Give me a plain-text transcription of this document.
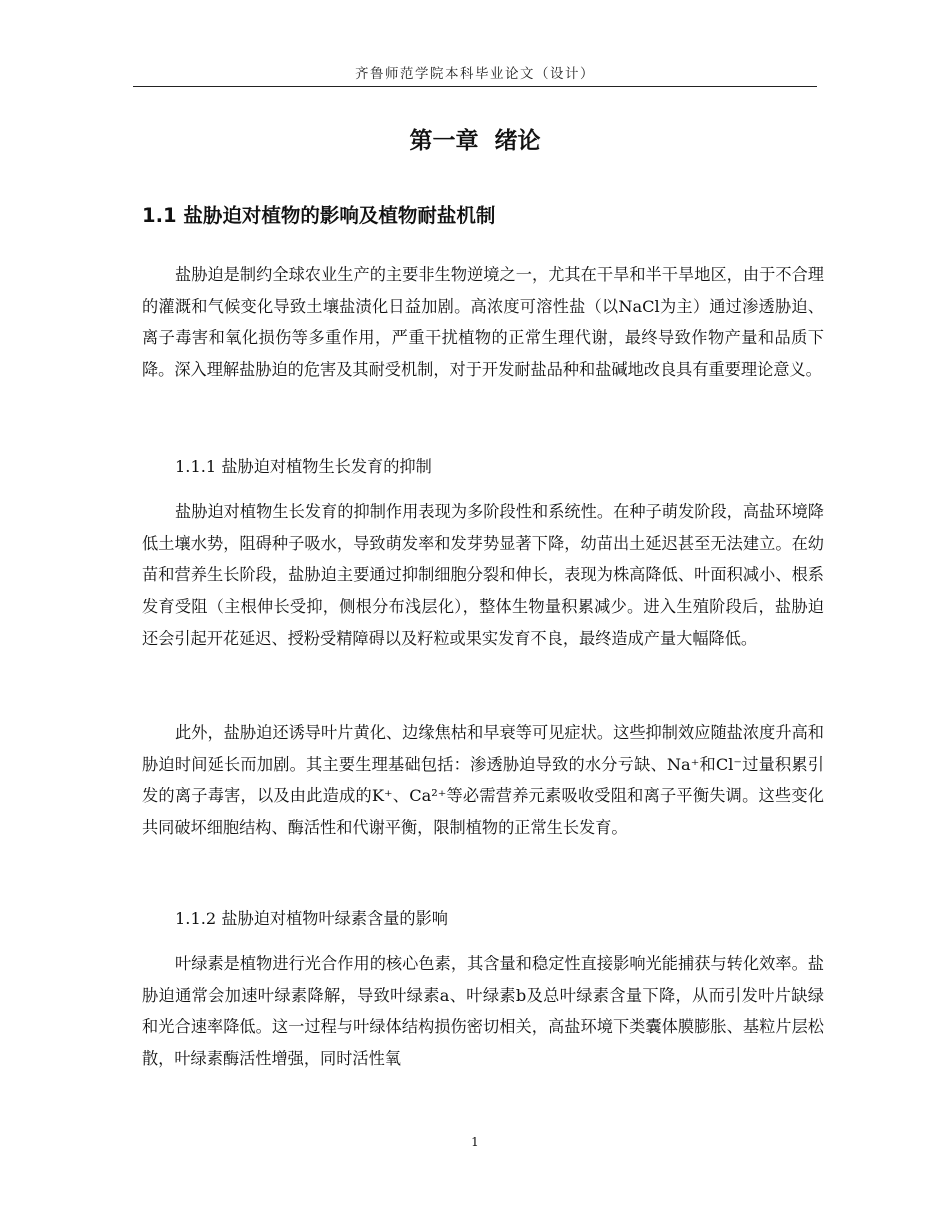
齐鲁师范学院本科毕业论文（设计）
第一章 绪论
1.1 盐胁迫对植物的影响及植物耐盐机制

盐胁迫是制约全球农业生产的主要非生物逆境之一，尤其在干旱和半干旱地区，由于不合理的灌溉和气候变化导致土壤盐渍化日益加剧。高浓度可溶性盐（以NaCl为主）通过渗透胁迫、离子毒害和氧化损伤等多重作用，严重干扰植物的正常生理代谢，最终导致作物产量和品质下降。深入理解盐胁迫的危害及其耐受机制，对于开发耐盐品种和盐碱地改良具有重要理论意义。

1.1.1 盐胁迫对植物生长发育的抑制

盐胁迫对植物生长发育的抑制作用表现为多阶段性和系统性。在种子萌发阶段，高盐环境降低土壤水势，阻碍种子吸水，导致萌发率和发芽势显著下降，幼苗出土延迟甚至无法建立。在幼苗和营养生长阶段，盐胁迫主要通过抑制细胞分裂和伸长，表现为株高降低、叶面积减小、根系发育受阻（主根伸长受抑，侧根分布浅层化），整体生物量积累减少。进入生殖阶段后，盐胁迫还会引起开花延迟、授粉受精障碍以及籽粒或果实发育不良，最终造成产量大幅降低。

此外，盐胁迫还诱导叶片黄化、边缘焦枯和早衰等可见症状。这些抑制效应随盐浓度升高和胁迫时间延长而加剧。其主要生理基础包括：渗透胁迫导致的水分亏缺、Na⁺和Cl⁻过量积累引发的离子毒害，以及由此造成的K⁺、Ca²⁺等必需营养元素吸收受阻和离子平衡失调。这些变化共同破坏细胞结构、酶活性和代谢平衡，限制植物的正常生长发育。

1.1.2 盐胁迫对植物叶绿素含量的影响

叶绿素是植物进行光合作用的核心色素，其含量和稳定性直接影响光能捕获与转化效率。盐胁迫通常会加速叶绿素降解，导致叶绿素a、叶绿素b及总叶绿素含量下降，从而引发叶片缺绿和光合速率降低。这一过程与叶绿体结构损伤密切相关，高盐环境下类囊体膜膨胀、基粒片层松散，叶绿素酶活性增强，同时活性氧

1
